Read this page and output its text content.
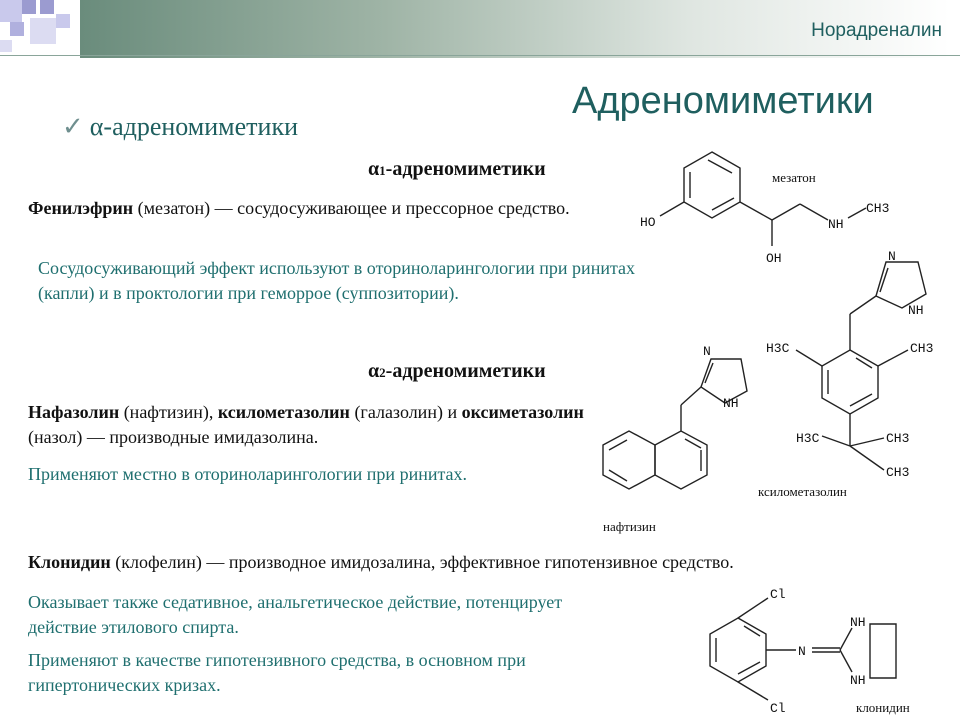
Норадреналин
Адреномиметики
✓ α-адреномиметики
α1-адреномиметики
Фенилэфрин (мезатон) — сосудосуживающее и прессорное средство.
Сосудосуживающий эффект используют в оториноларингологии при ринитах (капли) и в проктологии при геморрое (суппозитории).
α2-адреномиметики
Нафазолин (нафтизин), ксилометазолин (галазолин) и оксиметазолин (назол) — производные имидазолина.
Применяют местно в оториноларингологии при ринитах.
Клонидин (клофелин) — производное имидозалина, эффективное гипотензивное средство.
Оказывает также седативное, анальгетическое действие, потенцирует действие этилового спирта.
Применяют в качестве гипотензивного средства, в основном при гипертонических кризах.
HO
OH
NH
CH3
мезатон
N
NH
нафтизин
N
NH
H3C	CH3
H3C	CH3
CH3
ксилометазолин
Cl
Cl
N
NH
NH
клонидин
